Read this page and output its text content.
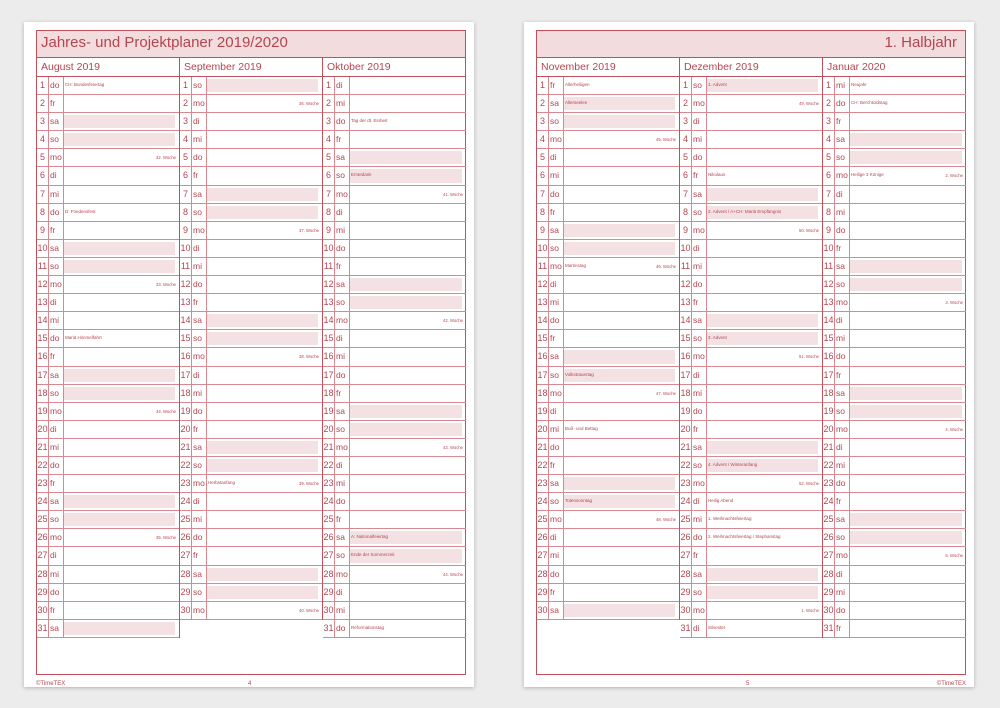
Jahres- und Projektplaner 2019/2020
August 2019
1 do	CH: Bundesfeiertag
2 fr
3 sa
4 so
5 mo	32. Woche
6 di
7 mi
8 do	D: Friedensfest
9 fr
10 sa
11 so
12 mo	33. Woche
13 di
14 mi
15 do	Mariä Himmelfahrt
16 fr
17 sa
18 so
19 mo	34. Woche
20 di
21 mi
22 do
23 fr
24 sa
25 so
26 mo	35. Woche
27 di
28 mi
29 do
30 fr
31 sa
September 2019
1 so
2 mo	36. Woche
3 di
4 mi
5 do
6 fr
7 sa
8 so
9 mo	37. Woche
10 di
11 mi
12 do
13 fr
14 sa
15 so
16 mo	38. Woche
17 di
18 mi
19 do
20 fr
21 sa
22 so
23 mo Herbstanfang	39. Woche
24 di
25 mi
26 do
27 fr
28 sa
29 so
30 mo	40. Woche
Oktober 2019
1 di
2 mi
3 do	Tag der dt. Einheit
4 fr
5 sa
6 so	Erntedank
7 mo	41. Woche
8 di
9 mi
10 do
11 fr
12 sa
13 so
14 mo	42. Woche
15 di
16 mi
17 do
18 fr
19 sa
20 so
21 mo	43. Woche
22 di
23 mi
24 do
25 fr
26 sa	A: Nationalfeiertag
27 so	Ende der Sommerzeit
28 mo	44. Woche
29 di
30 mi
31 do	Reformationstag
©TimeTEX	4
1. Halbjahr
November 2019
1 fr	Allerheiligen
2 sa	Allerseelen
3 so
4 mo	45. Woche
5 di
6 mi
7 do
8 fr
9 sa
10 so
11 mo Martinstag	46. Woche
12 di
13 mi
14 do
15 fr
16 sa
17 so	Volkstrauertag
18 mo	47. Woche
19 di
20 mi	Buß- und Bettag
21 do
22 fr
23 sa
24 so	Totensonntag
25 mo	48. Woche
26 di
27 mi
28 do
29 fr
30 sa
Dezember 2019
1 so	1. Advent
2 mo	49. Woche
3 di
4 mi
5 do
6 fr	Nikolaus
7 sa
8 so	2. Advent / A+CH: Mariä Empfängnis
9 mo	50. Woche
10 di
11 mi
12 do
13 fr
14 sa
15 so	3. Advent
16 mo	51. Woche
17 di
18 mi
19 do
20 fr
21 sa
22 so	4. Advent / Winteranfang
23 mo	52. Woche
24 di	Heilig Abend
25 mi	1. Weihnachtsfeiertag
26 do	2. Weihnachtsfeiertag / Stephanstag
27 fr
28 sa
29 so
30 mo	1. Woche
31 di	Silvester
Januar 2020
1 mi	Neujahr
2 do	CH: Berchtoldstag
3 fr
4 sa
5 so
6 mo Heilige 3 Könige	2. Woche
7 di
8 mi
9 do
10 fr
11 sa
12 so
13 mo	3. Woche
14 di
15 mi
16 do
17 fr
18 sa
19 so
20 mo	4. Woche
21 di
22 mi
23 do
24 fr
25 sa
26 so
27 mo	5. Woche
28 di
29 mi
30 do
31 fr
5	©TimeTEX
